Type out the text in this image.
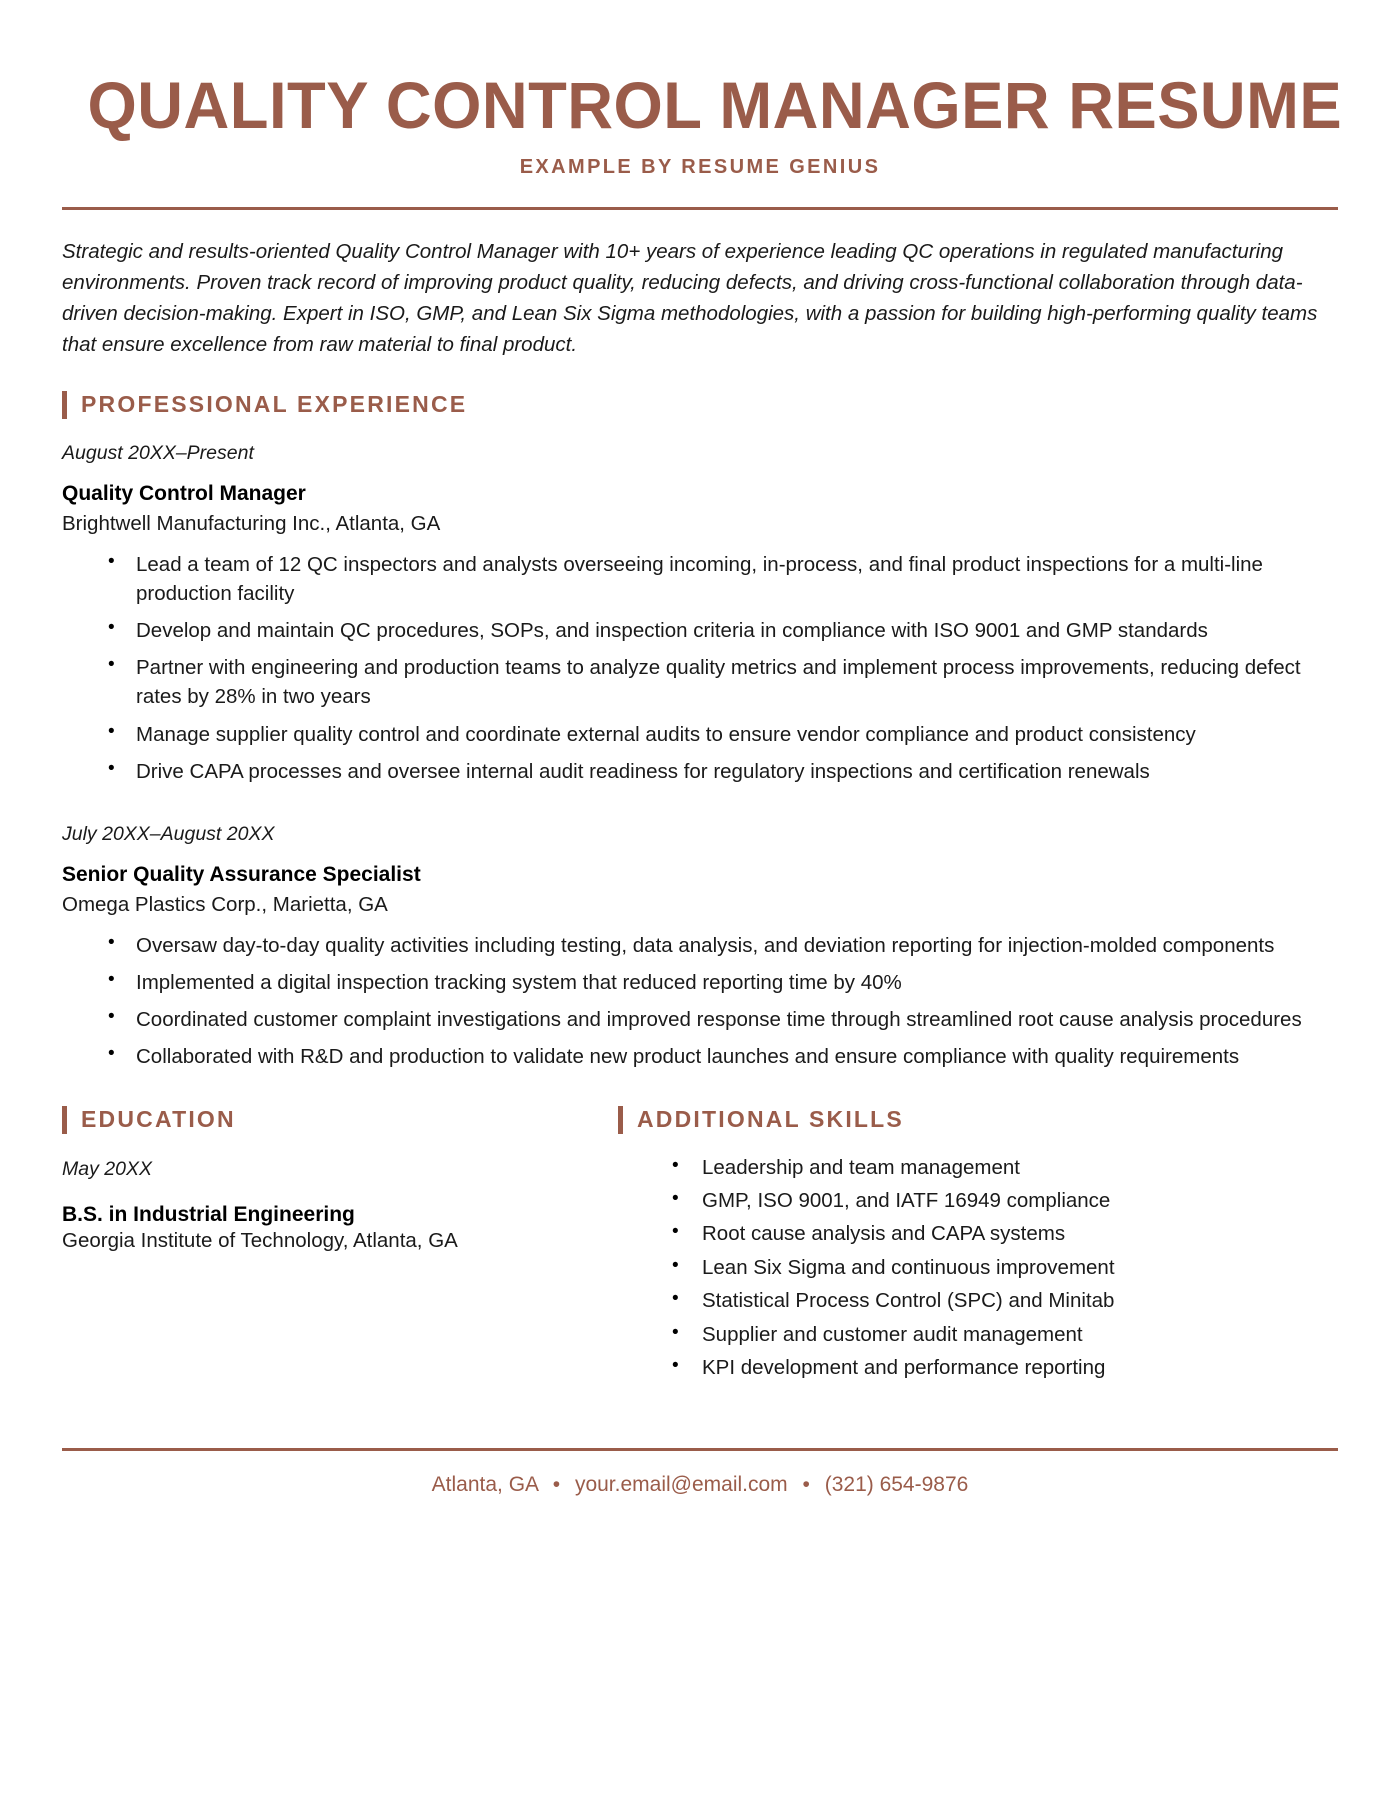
QUALITY CONTROL MANAGER RESUME
EXAMPLE BY RESUME GENIUS

Strategic and results-oriented Quality Control Manager with 10+ years of experience leading QC operations in regulated manufacturing environments. Proven track record of improving product quality, reducing defects, and driving cross-functional collaboration through data-driven decision-making. Expert in ISO, GMP, and Lean Six Sigma methodologies, with a passion for building high-performing quality teams that ensure excellence from raw material to final product.

PROFESSIONAL EXPERIENCE
August 20XX–Present
Quality Control Manager
Brightwell Manufacturing Inc., Atlanta, GA
• Lead a team of 12 QC inspectors and analysts overseeing incoming, in-process, and final product inspections for a multi-line production facility
• Develop and maintain QC procedures, SOPs, and inspection criteria in compliance with ISO 9001 and GMP standards
• Partner with engineering and production teams to analyze quality metrics and implement process improvements, reducing defect rates by 28% in two years
• Manage supplier quality control and coordinate external audits to ensure vendor compliance and product consistency
• Drive CAPA processes and oversee internal audit readiness for regulatory inspections and certification renewals
July 20XX–August 20XX
Senior Quality Assurance Specialist
Omega Plastics Corp., Marietta, GA
• Oversaw day-to-day quality activities including testing, data analysis, and deviation reporting for injection-molded components
• Implemented a digital inspection tracking system that reduced reporting time by 40%
• Coordinated customer complaint investigations and improved response time through streamlined root cause analysis procedures
• Collaborated with R&D and production to validate new product launches and ensure compliance with quality requirements
EDUCATION
May 20XX
B.S. in Industrial Engineering
Georgia Institute of Technology, Atlanta, GA
ADDITIONAL SKILLS
• Leadership and team management
• GMP, ISO 9001, and IATF 16949 compliance
• Root cause analysis and CAPA systems
• Lean Six Sigma and continuous improvement
• Statistical Process Control (SPC) and Minitab
• Supplier and customer audit management
• KPI development and performance reporting
Atlanta, GA • your.email@email.com • (321) 654-9876
